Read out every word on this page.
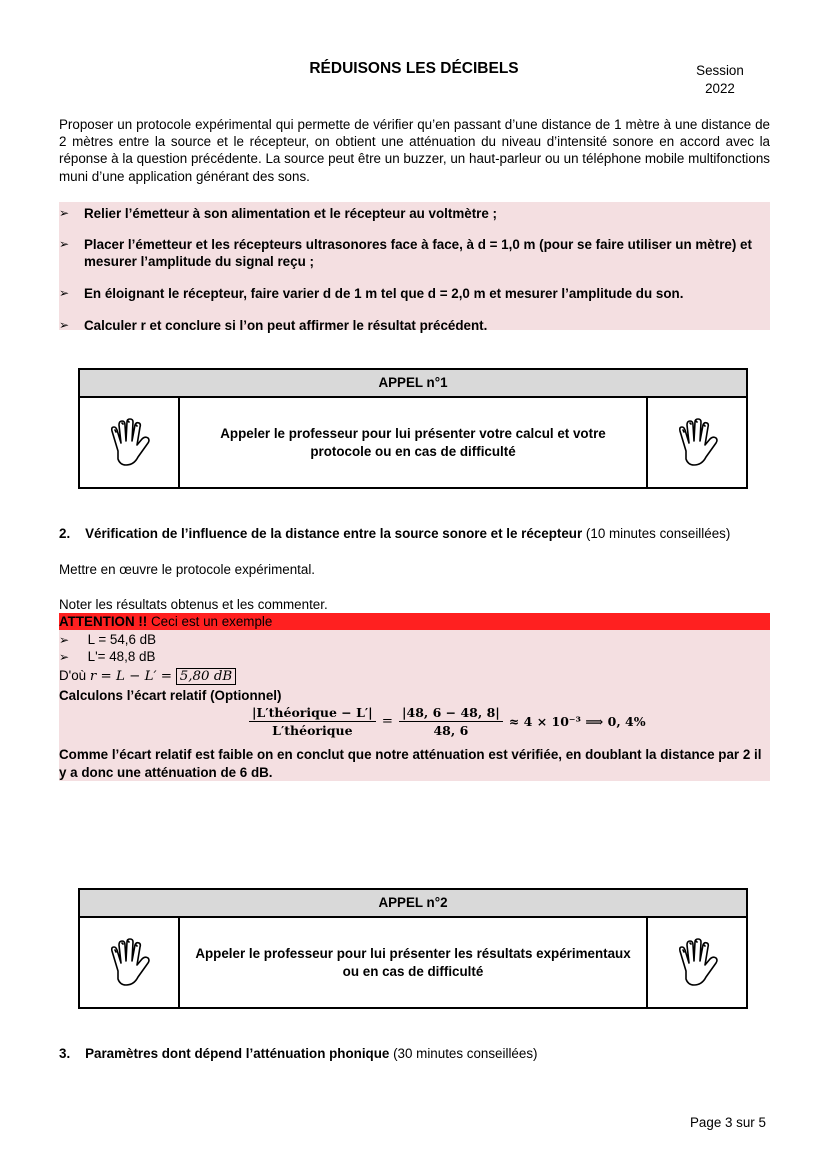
RÉDUISONS LES DÉCIBELS	Session
2022
Proposer un protocole expérimental qui permette de vérifier qu’en passant d’une distance de 1 mètre à une distance de 2 mètres entre la source et le récepteur, on obtient une atténuation du niveau d’intensité sonore en accord avec la réponse à la question précédente. La source peut être un buzzer, un haut-parleur ou un téléphone mobile multifonctions muni d’une application générant des sons.
➢ Relier l’émetteur à son alimentation et le récepteur au voltmètre ;
➢ Placer l’émetteur et les récepteurs ultrasonores face à face, à d = 1,0 m (pour se faire utiliser un mètre) et mesurer l’amplitude du signal reçu ;
➢ En éloignant le récepteur, faire varier d de 1 m tel que d = 2,0 m et mesurer l’amplitude du son.
➢ Calculer r et conclure si l’on peut affirmer le résultat précédent.
APPEL n°1
Appeler le professeur pour lui présenter votre calcul et votre protocole ou en cas de difficulté
2. Vérification de l’influence de la distance entre la source sonore et le récepteur (10 minutes conseillées)
Mettre en œuvre le protocole expérimental.
Noter les résultats obtenus et les commenter.
ATTENTION !! Ceci est un exemple
➢ L = 54,6 dB
➢ L'= 48,8 dB
D'où r = L − L′ = 5,80 dB
Calculons l’écart relatif (Optionnel)
$\frac{\text{|L′théorique − L′|}}{\text{L′théorique}} = \frac{|48, 6 - 48, 8|}{48, 6} \approx 4 \times 10^{-3}$ ⟹ 0, 4%
Comme l’écart relatif est faible on en conclut que notre atténuation est vérifiée, en doublant la distance par 2 il y a donc une atténuation de 6 dB.
APPEL n°2
Appeler le professeur pour lui présenter les résultats expérimentaux ou en cas de difficulté
3. Paramètres dont dépend l’atténuation phonique (30 minutes conseillées)
Page 3 sur 5
